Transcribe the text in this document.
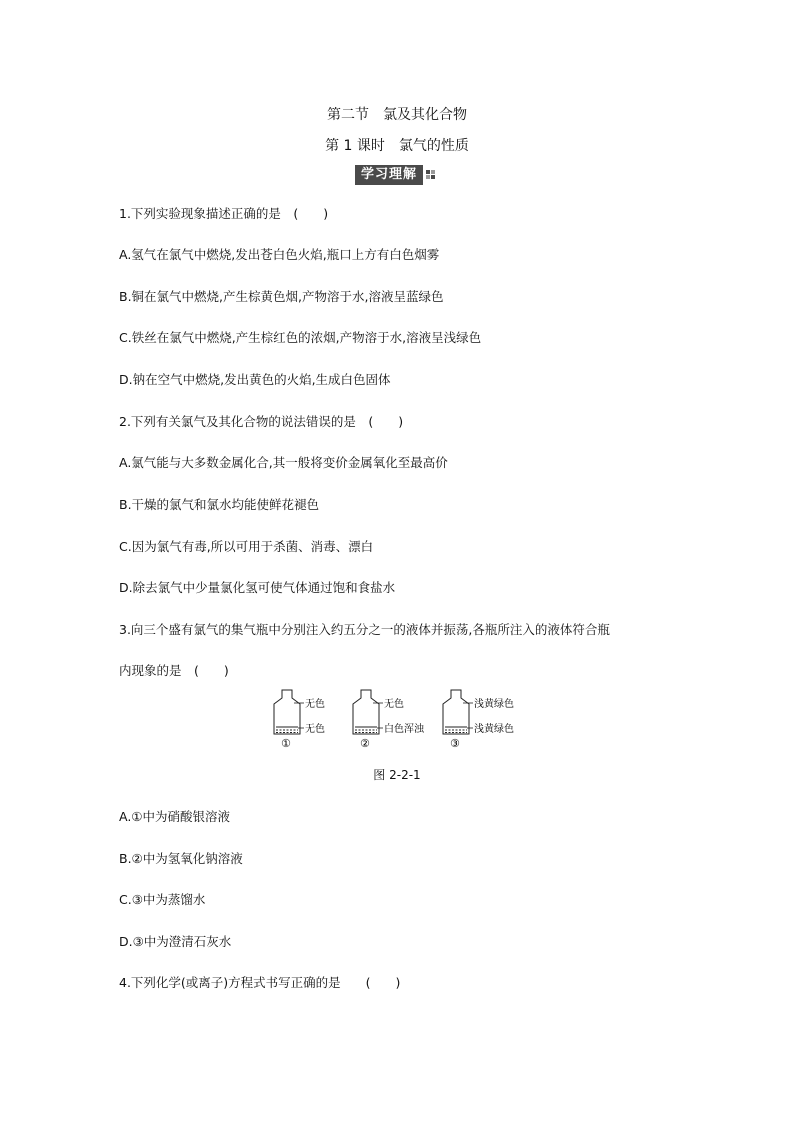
第二节　氯及其化合物
第 1 课时　氯气的性质
学习理解
1.下列实验现象描述正确的是　(　　)
A.氢气在氯气中燃烧,发出苍白色火焰,瓶口上方有白色烟雾
B.铜在氯气中燃烧,产生棕黄色烟,产物溶于水,溶液呈蓝绿色
C.铁丝在氯气中燃烧,产生棕红色的浓烟,产物溶于水,溶液呈浅绿色
D.钠在空气中燃烧,发出黄色的火焰,生成白色固体
2.下列有关氯气及其化合物的说法错误的是　(　　)
A.氯气能与大多数金属化合,其一般将变价金属氧化至最高价
B.干燥的氯气和氯水均能使鲜花褪色
C.因为氯气有毒,所以可用于杀菌、消毒、漂白
D.除去氯气中少量氯化氢可使气体通过饱和食盐水
3.向三个盛有氯气的集气瓶中分别注入约五分之一的液体并振荡,各瓶所注入的液体符合瓶
内现象的是　(　　)
无色
无色
①
无色
白色浑浊
②
浅黄绿色
浅黄绿色
③
图 2-2-1
A.①中为硝酸银溶液
B.②中为氢氧化钠溶液
C.③中为蒸馏水
D.③中为澄清石灰水
4.下列化学(或离子)方程式书写正确的是　　(　　)
